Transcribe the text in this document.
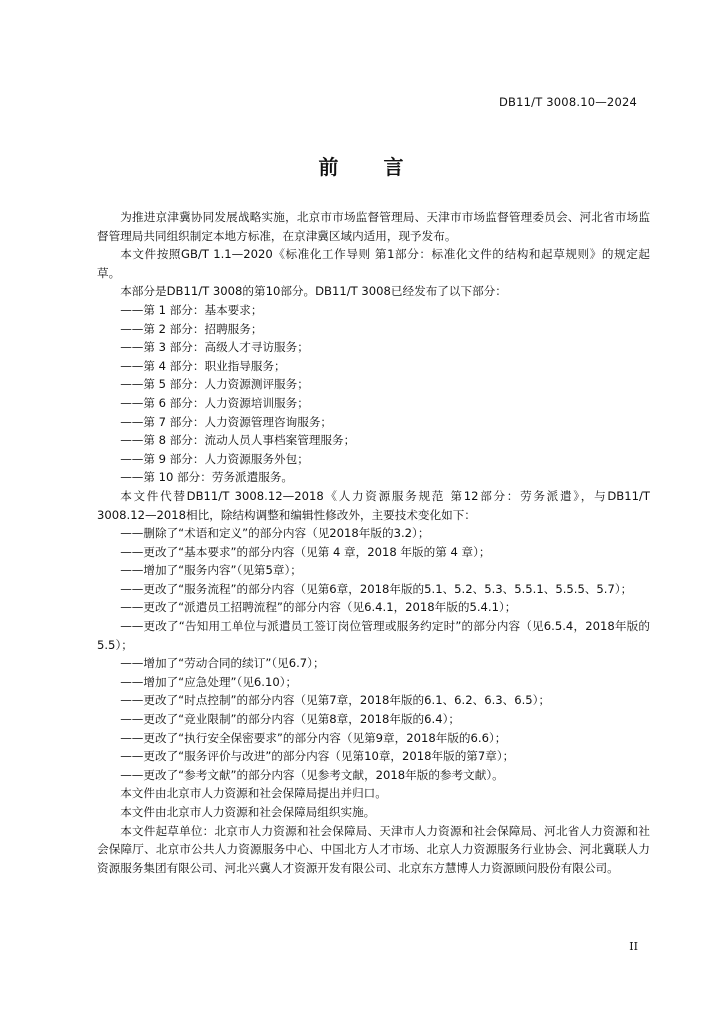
DB11/T 3008.10—2024
前 言

为推进京津冀协同发展战略实施，北京市市场监督管理局、天津市市场监督管理委员会、河北省市场监督管理局共同组织制定本地方标准，在京津冀区域内适用，现予发布。

本文件按照GB/T 1.1—2020《标准化工作导则 第1部分：标准化文件的结构和起草规则》的规定起草。

本部分是DB11/T 3008的第10部分。DB11/T 3008已经发布了以下部分：

——第 1 部分：基本要求；

——第 2 部分：招聘服务；

——第 3 部分：高级人才寻访服务；

——第 4 部分：职业指导服务；

——第 5 部分：人力资源测评服务；

——第 6 部分：人力资源培训服务；

——第 7 部分：人力资源管理咨询服务；

——第 8 部分：流动人员人事档案管理服务；

——第 9 部分：人力资源服务外包；

——第 10 部分：劳务派遣服务。

本文件代替DB11/T 3008.12—2018《人力资源服务规范 第12部分：劳务派遣》，与DB11/T 3008.12—2018相比，除结构调整和编辑性修改外，主要技术变化如下：

——删除了“术语和定义”的部分内容（见2018年版的3.2）；

——更改了“基本要求”的部分内容（见第 4 章，2018 年版的第 4 章）；

——增加了“服务内容”（见第5章）；

——更改了“服务流程”的部分内容（见第6章，2018年版的5.1、5.2、5.3、5.5.1、5.5.5、5.7）；

——更改了“派遣员工招聘流程”的部分内容（见6.4.1，2018年版的5.4.1）；

——更改了“告知用工单位与派遣员工签订岗位管理或服务约定时”的部分内容（见6.5.4，2018年版的5.5）；

——增加了“劳动合同的续订”（见6.7）；

——增加了“应急处理”（见6.10）；

——更改了“时点控制”的部分内容（见第7章，2018年版的6.1、6.2、6.3、6.5）；

——更改了“竞业限制”的部分内容（见第8章，2018年版的6.4）；

——更改了“执行安全保密要求”的部分内容（见第9章，2018年版的6.6）；

——更改了“服务评价与改进”的部分内容（见第10章，2018年版的第7章）；

——更改了“参考文献”的部分内容（见参考文献，2018年版的参考文献）。

本文件由北京市人力资源和社会保障局提出并归口。

本文件由北京市人力资源和社会保障局组织实施。

本文件起草单位：北京市人力资源和社会保障局、天津市人力资源和社会保障局、河北省人力资源和社会保障厅、北京市公共人力资源服务中心、中国北方人才市场、北京人力资源服务行业协会、河北冀联人力资源服务集团有限公司、河北兴冀人才资源开发有限公司、北京东方慧博人力资源顾问股份有限公司。

II
